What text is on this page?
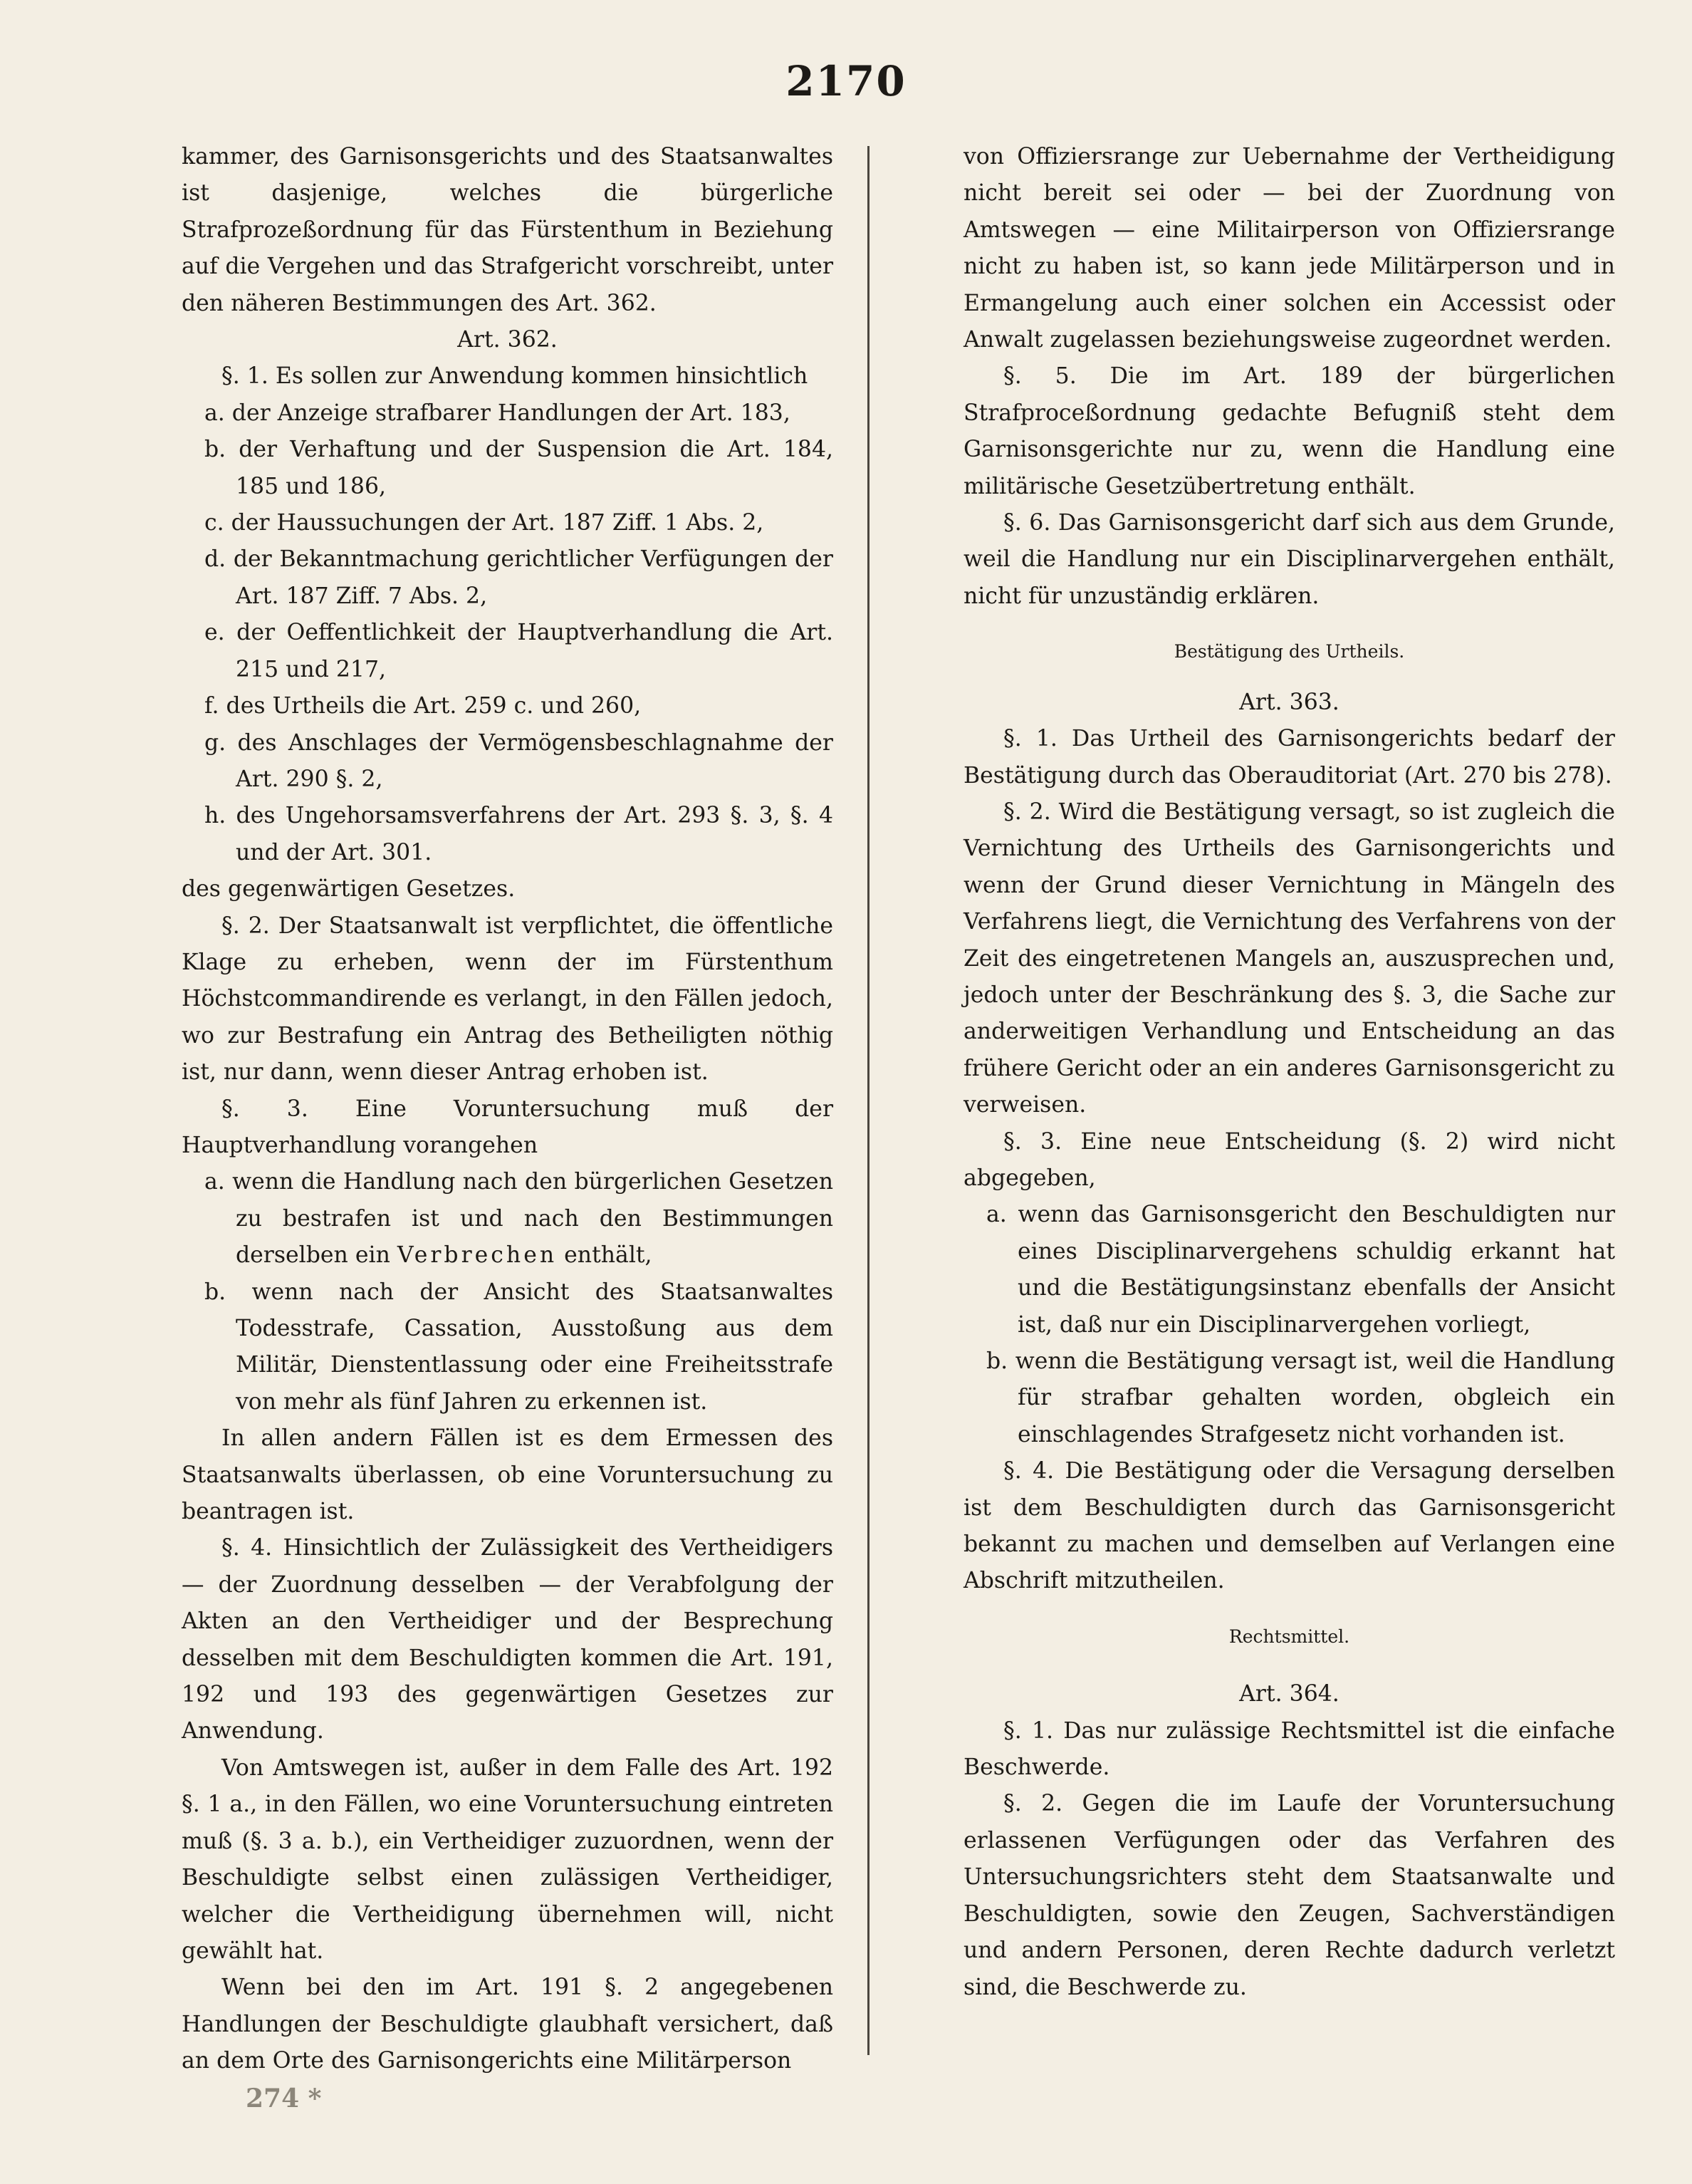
2170

kammer, des Garnisonsgerichts und des Staatsanwaltes ist dasjenige, welches die bürgerliche Strafprozeßordnung für das Fürstenthum in Beziehung auf die Vergehen und das Strafgericht vorschreibt, unter den näheren Bestimmungen des Art. 362.

Art. 362.

§. 1. Es sollen zur Anwendung kommen hinsichtlich

a. der Anzeige strafbarer Handlungen der Art. 183,

b. der Verhaftung und der Suspension die Art. 184, 185 und 186,

c. der Haussuchungen der Art. 187 Ziff. 1 Abs. 2,

d. der Bekanntmachung gerichtlicher Verfügungen der Art. 187 Ziff. 7 Abs. 2,

e. der Oeffentlichkeit der Hauptverhandlung die Art. 215 und 217,

f. des Urtheils die Art. 259 c. und 260,

g. des Anschlages der Vermögensbeschlagnahme der Art. 290 §. 2,

h. des Ungehorsamsverfahrens der Art. 293 §. 3, §. 4 und der Art. 301.

des gegenwärtigen Gesetzes.

§. 2. Der Staatsanwalt ist verpflichtet, die öffentliche Klage zu erheben, wenn der im Fürstenthum Höchstcommandirende es verlangt, in den Fällen jedoch, wo zur Bestrafung ein Antrag des Betheiligten nöthig ist, nur dann, wenn dieser Antrag erhoben ist.

§. 3. Eine Voruntersuchung muß der Hauptverhandlung vorangehen

a. wenn die Handlung nach den bürgerlichen Gesetzen zu bestrafen ist und nach den Bestimmungen derselben ein Verbrechen enthält,

b. wenn nach der Ansicht des Staatsanwaltes Todesstrafe, Cassation, Ausstoßung aus dem Militär, Dienstentlassung oder eine Freiheitsstrafe von mehr als fünf Jahren zu erkennen ist.

In allen andern Fällen ist es dem Ermessen des Staatsanwalts überlassen, ob eine Voruntersuchung zu beantragen ist.

§. 4. Hinsichtlich der Zulässigkeit des Vertheidigers — der Zuordnung desselben — der Verabfolgung der Akten an den Vertheidiger und der Besprechung desselben mit dem Beschuldigten kommen die Art. 191, 192 und 193 des gegenwärtigen Gesetzes zur Anwendung.

Von Amtswegen ist, außer in dem Falle des Art. 192 §. 1 a., in den Fällen, wo eine Voruntersuchung eintreten muß (§. 3 a. b.), ein Vertheidiger zuzuordnen, wenn der Beschuldigte selbst einen zulässigen Vertheidiger, welcher die Vertheidigung übernehmen will, nicht gewählt hat.

Wenn bei den im Art. 191 §. 2 angegebenen Handlungen der Beschuldigte glaubhaft versichert, daß an dem Orte des Garnisongerichts eine Militärperson

von Offiziersrange zur Uebernahme der Vertheidigung nicht bereit sei oder — bei der Zuordnung von Amtswegen — eine Militairperson von Offiziersrange nicht zu haben ist, so kann jede Militärperson und in Ermangelung auch einer solchen ein Accessist oder Anwalt zugelassen beziehungsweise zugeordnet werden.

§. 5. Die im Art. 189 der bürgerlichen Strafproceßordnung gedachte Befugniß steht dem Garnisonsgerichte nur zu, wenn die Handlung eine militärische Gesetzübertretung enthält.

§. 6. Das Garnisonsgericht darf sich aus dem Grunde, weil die Handlung nur ein Disciplinarvergehen enthält, nicht für unzuständig erklären.

Bestätigung des Urtheils.

Art. 363.

§. 1. Das Urtheil des Garnisongerichts bedarf der Bestätigung durch das Oberauditoriat (Art. 270 bis 278).

§. 2. Wird die Bestätigung versagt, so ist zugleich die Vernichtung des Urtheils des Garnisongerichts und wenn der Grund dieser Vernichtung in Mängeln des Verfahrens liegt, die Vernichtung des Verfahrens von der Zeit des eingetretenen Mangels an, auszusprechen und, jedoch unter der Beschränkung des §. 3, die Sache zur anderweitigen Verhandlung und Entscheidung an das frühere Gericht oder an ein anderes Garnisonsgericht zu verweisen.

§. 3. Eine neue Entscheidung (§. 2) wird nicht abgegeben,

a. wenn das Garnisonsgericht den Beschuldigten nur eines Disciplinarvergehens schuldig erkannt hat und die Bestätigungsinstanz ebenfalls der Ansicht ist, daß nur ein Disciplinarvergehen vorliegt,

b. wenn die Bestätigung versagt ist, weil die Handlung für strafbar gehalten worden, obgleich ein einschlagendes Strafgesetz nicht vorhanden ist.

§. 4. Die Bestätigung oder die Versagung derselben ist dem Beschuldigten durch das Garnisonsgericht bekannt zu machen und demselben auf Verlangen eine Abschrift mitzutheilen.

Rechtsmittel.

Art. 364.

§. 1. Das nur zulässige Rechtsmittel ist die einfache Beschwerde.

§. 2. Gegen die im Laufe der Voruntersuchung erlassenen Verfügungen oder das Verfahren des Untersuchungsrichters steht dem Staatsanwalte und Beschuldigten, sowie den Zeugen, Sachverständigen und andern Personen, deren Rechte dadurch verletzt sind, die Beschwerde zu.

274 *
